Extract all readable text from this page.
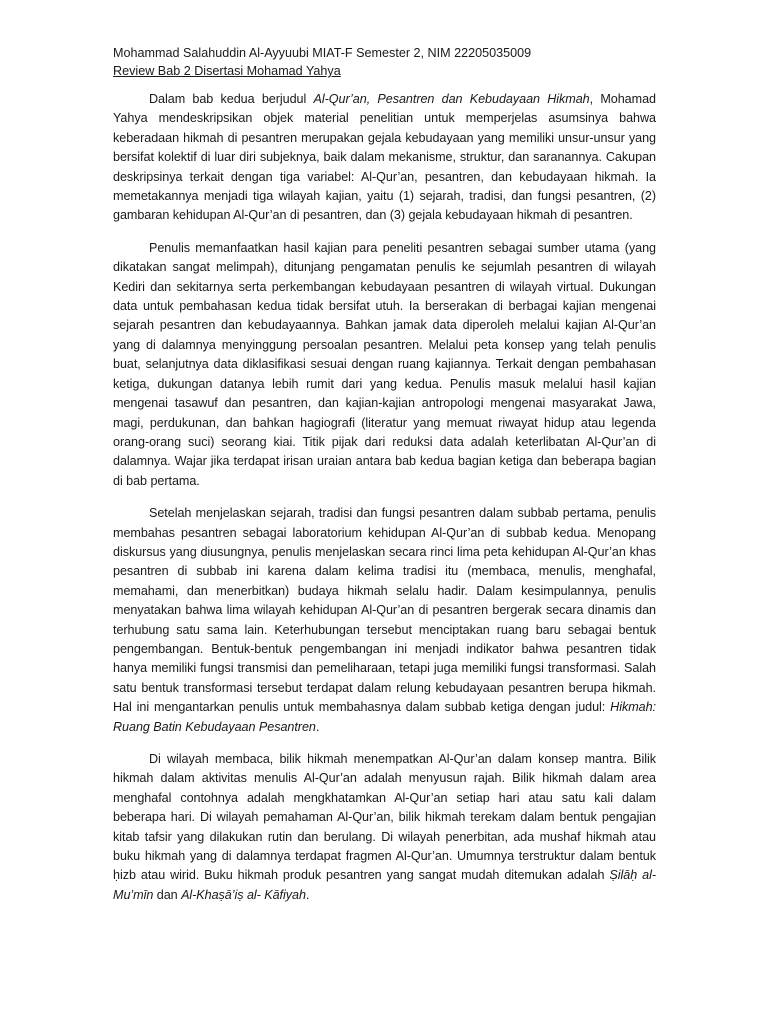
Mohammad Salahuddin Al-Ayyuubi MIAT-F Semester 2, NIM 22205035009

Review Bab 2 Disertasi Mohamad Yahya

Dalam bab kedua berjudul Al-Qur’an, Pesantren dan Kebudayaan Hikmah, Mohamad Yahya mendeskripsikan objek material penelitian untuk memperjelas asumsinya bahwa keberadaan hikmah di pesantren merupakan gejala kebudayaan yang memiliki unsur-unsur yang bersifat kolektif di luar diri subjeknya, baik dalam mekanisme, struktur, dan saranannya. Cakupan deskripsinya terkait dengan tiga variabel: Al-Qur’an, pesantren, dan kebudayaan hikmah. Ia memetakannya menjadi tiga wilayah kajian, yaitu (1) sejarah, tradisi, dan fungsi pesantren, (2) gambaran kehidupan Al-Qur’an di pesantren, dan (3) gejala kebudayaan hikmah di pesantren.

Penulis memanfaatkan hasil kajian para peneliti pesantren sebagai sumber utama (yang dikatakan sangat melimpah), ditunjang pengamatan penulis ke sejumlah pesantren di wilayah Kediri dan sekitarnya serta perkembangan kebudayaan pesantren di wilayah virtual. Dukungan data untuk pembahasan kedua tidak bersifat utuh. Ia berserakan di berbagai kajian mengenai sejarah pesantren dan kebudayaannya. Bahkan jamak data diperoleh melalui kajian Al-Qur’an yang di dalamnya menyinggung persoalan pesantren. Melalui peta konsep yang telah penulis buat, selanjutnya data diklasifikasi sesuai dengan ruang kajiannya. Terkait dengan pembahasan ketiga, dukungan datanya lebih rumit dari yang kedua. Penulis masuk melalui hasil kajian mengenai tasawuf dan pesantren, dan kajian-kajian antropologi mengenai masyarakat Jawa, magi, perdukunan, dan bahkan hagiografi (literatur yang memuat riwayat hidup atau legenda orang-orang suci) seorang kiai. Titik pijak dari reduksi data adalah keterlibatan Al-Qur’an di dalamnya. Wajar jika terdapat irisan uraian antara bab kedua bagian ketiga dan beberapa bagian di bab pertama.

Setelah menjelaskan sejarah, tradisi dan fungsi pesantren dalam subbab pertama, penulis membahas pesantren sebagai laboratorium kehidupan Al-Qur’an di subbab kedua. Menopang diskursus yang diusungnya, penulis menjelaskan secara rinci lima peta kehidupan Al-Qur’an khas pesantren di subbab ini karena dalam kelima tradisi itu (membaca, menulis, menghafal, memahami, dan menerbitkan) budaya hikmah selalu hadir. Dalam kesimpulannya, penulis menyatakan bahwa lima wilayah kehidupan Al-Qur’an di pesantren bergerak secara dinamis dan terhubung satu sama lain. Keterhubungan tersebut menciptakan ruang baru sebagai bentuk pengembangan. Bentuk-bentuk pengembangan ini menjadi indikator bahwa pesantren tidak hanya memiliki fungsi transmisi dan pemeliharaan, tetapi juga memiliki fungsi transformasi. Salah satu bentuk transformasi tersebut terdapat dalam relung kebudayaan pesantren berupa hikmah. Hal ini mengantarkan penulis untuk membahasnya dalam subbab ketiga dengan judul: Hikmah: Ruang Batin Kebudayaan Pesantren.

Di wilayah membaca, bilik hikmah menempatkan Al-Qur’an dalam konsep mantra. Bilik hikmah dalam aktivitas menulis Al-Qur’an adalah menyusun rajah. Bilik hikmah dalam area menghafal contohnya adalah mengkhatamkan Al-Qur’an setiap hari atau satu kali dalam beberapa hari. Di wilayah pemahaman Al-Qur’an, bilik hikmah terekam dalam bentuk pengajian kitab tafsir yang dilakukan rutin dan berulang. Di wilayah penerbitan, ada mushaf hikmah atau buku hikmah yang di dalamnya terdapat fragmen Al-Qur’an. Umumnya terstruktur dalam bentuk ḥizb atau wirid. Buku hikmah produk pesantren yang sangat mudah ditemukan adalah Ṣilāḥ al-Mu’mīn dan Al-Khaṣā’iṣ al- Kāfiyah.
